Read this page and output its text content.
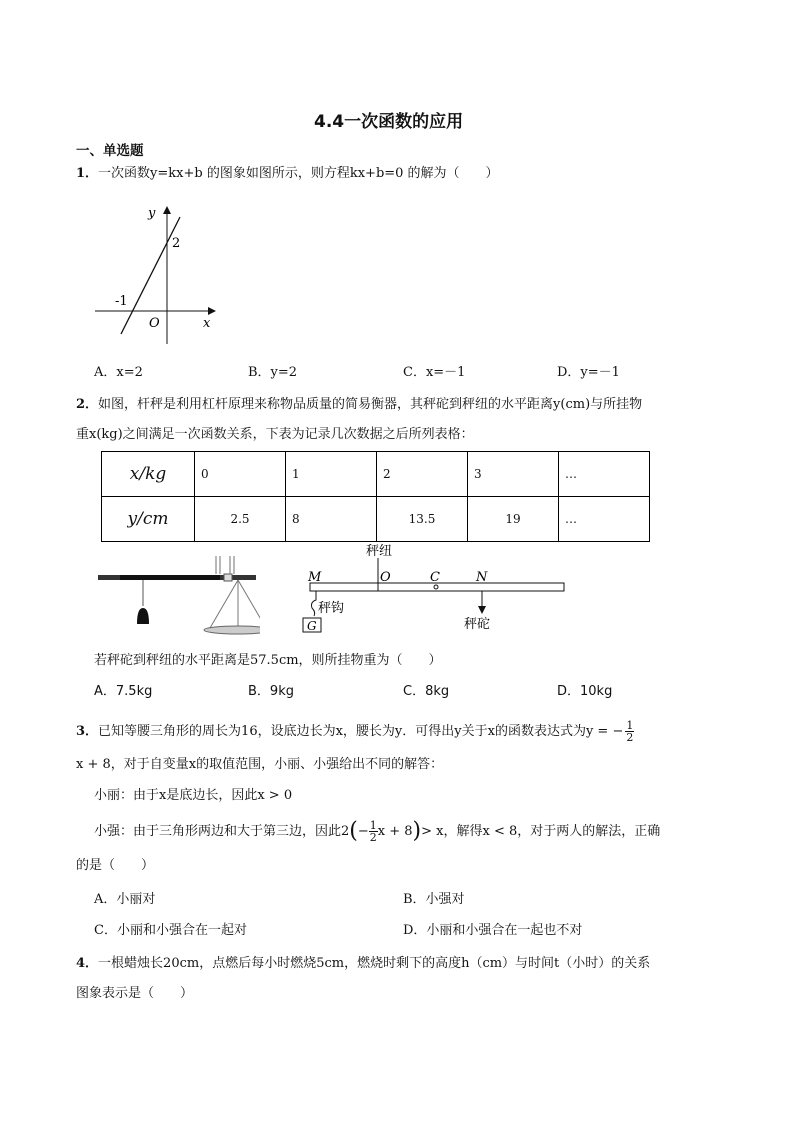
4.4一次函数的应用
一、单选题
1．一次函数y=kx+b 的图象如图所示，则方程kx+b=0 的解为（　　）
y
x
O
2
-1
A．x=2	B．y=2	C．x=－1	D．y=－1
2．如图，杆秤是利用杠杆原理来称物品质量的简易衡器，其秤砣到秤纽的水平距离y(cm)与所挂物
重x(kg)之间满足一次函数关系，下表为记录几次数据之后所列表格：
x/kg	0	1	2	3	…
y/cm	2.5	8	13.5	19	…
秤纽
M	O	C	N
秤砣
秤钩
G
若秤砣到秤纽的水平距离是57.5cm，则所挂物重为（　　）
A．7.5kg	B．9kg	C．8kg	D．10kg
3．已知等腰三角形的周长为16，设底边长为x，腰长为y．可得出y关于x的函数表达式为y = − $\frac{1}{2}$
x + 8，对于自变量x的取值范围，小丽、小强给出不同的解答：
小丽：由于x是底边长，因此x > 0
小强：由于三角形两边和大于第三边，因此$2(- \frac{1}{2}$ x + 8)> x，解得x < 8，对于两人的解法，正确
的是（　　）
A．小丽对	B．小强对
C．小丽和小强合在一起对	D．小丽和小强合在一起也不对
4．一根蜡烛长20cm，点燃后每小时燃烧5cm，燃烧时剩下的高度h（cm）与时间t（小时）的关系
图象表示是（　　）
